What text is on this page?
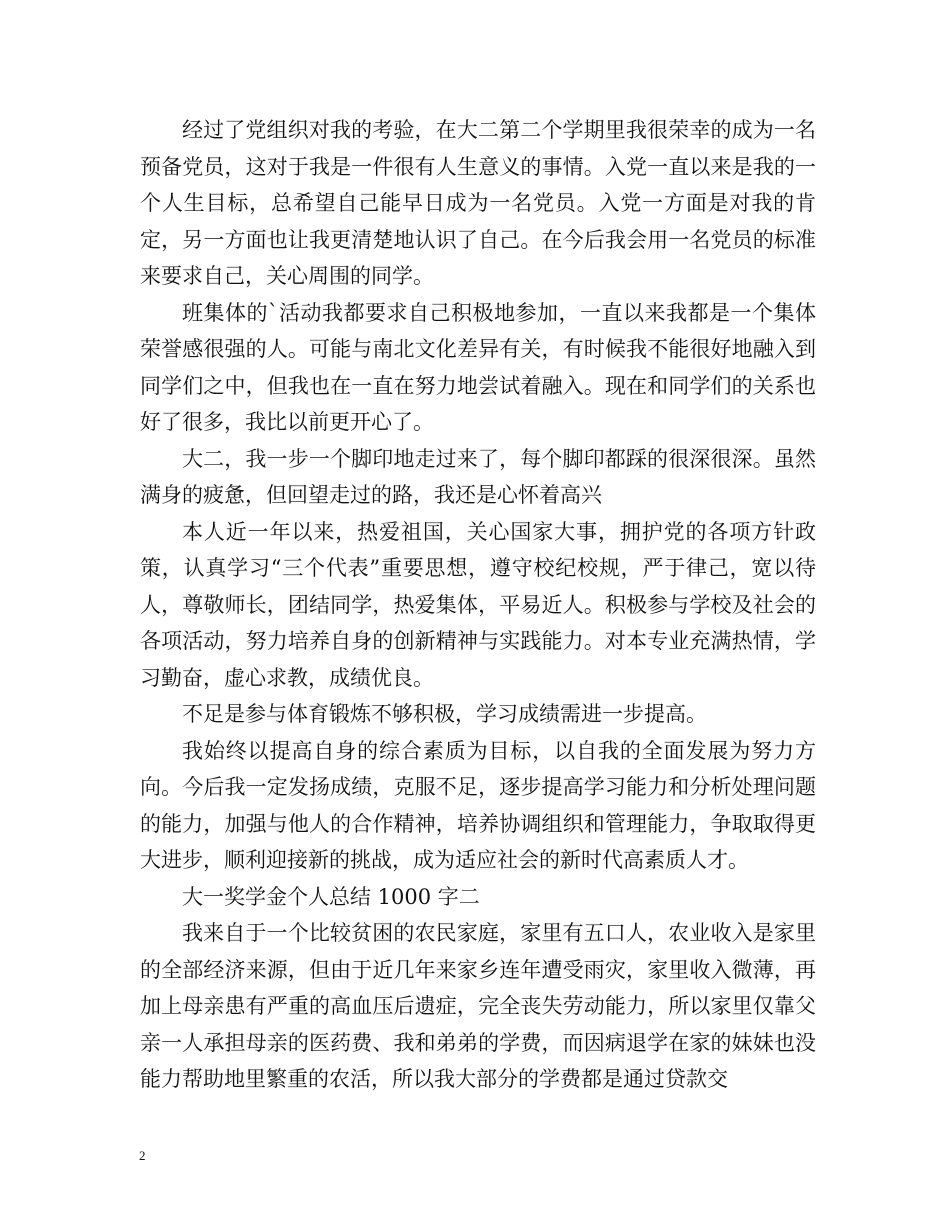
经过了党组织对我的考验，在大二第二个学期里我很荣幸的成为一名预备党员，这对于我是一件很有人生意义的事情。入党一直以来是我的一个人生目标，总希望自己能早日成为一名党员。入党一方面是对我的肯定，另一方面也让我更清楚地认识了自己。在今后我会用一名党员的标准来要求自己，关心周围的同学。

班集体的`活动我都要求自己积极地参加，一直以来我都是一个集体荣誉感很强的人。可能与南北文化差异有关，有时候我不能很好地融入到同学们之中，但我也在一直在努力地尝试着融入。现在和同学们的关系也好了很多，我比以前更开心了。

大二，我一步一个脚印地走过来了，每个脚印都踩的很深很深。虽然满身的疲惫，但回望走过的路，我还是心怀着高兴

本人近一年以来，热爱祖国，关心国家大事，拥护党的各项方针政策，认真学习“三个代表”重要思想，遵守校纪校规，严于律己，宽以待人，尊敬师长，团结同学，热爱集体，平易近人。积极参与学校及社会的各项活动，努力培养自身的创新精神与实践能力。对本专业充满热情，学习勤奋，虚心求教，成绩优良。

不足是参与体育锻炼不够积极，学习成绩需进一步提高。

我始终以提高自身的综合素质为目标，以自我的全面发展为努力方向。今后我一定发扬成绩，克服不足，逐步提高学习能力和分析处理问题的能力，加强与他人的合作精神，培养协调组织和管理能力，争取取得更大进步，顺利迎接新的挑战，成为适应社会的新时代高素质人才。

大一奖学金个人总结 1000 字二

我来自于一个比较贫困的农民家庭，家里有五口人，农业收入是家里的全部经济来源，但由于近几年来家乡连年遭受雨灾，家里收入微薄，再加上母亲患有严重的高血压后遗症，完全丧失劳动能力，所以家里仅靠父亲一人承担母亲的医药费、我和弟弟的学费，而因病退学在家的妹妹也没能力帮助地里繁重的农活，所以我大部分的学费都是通过贷款交

2
